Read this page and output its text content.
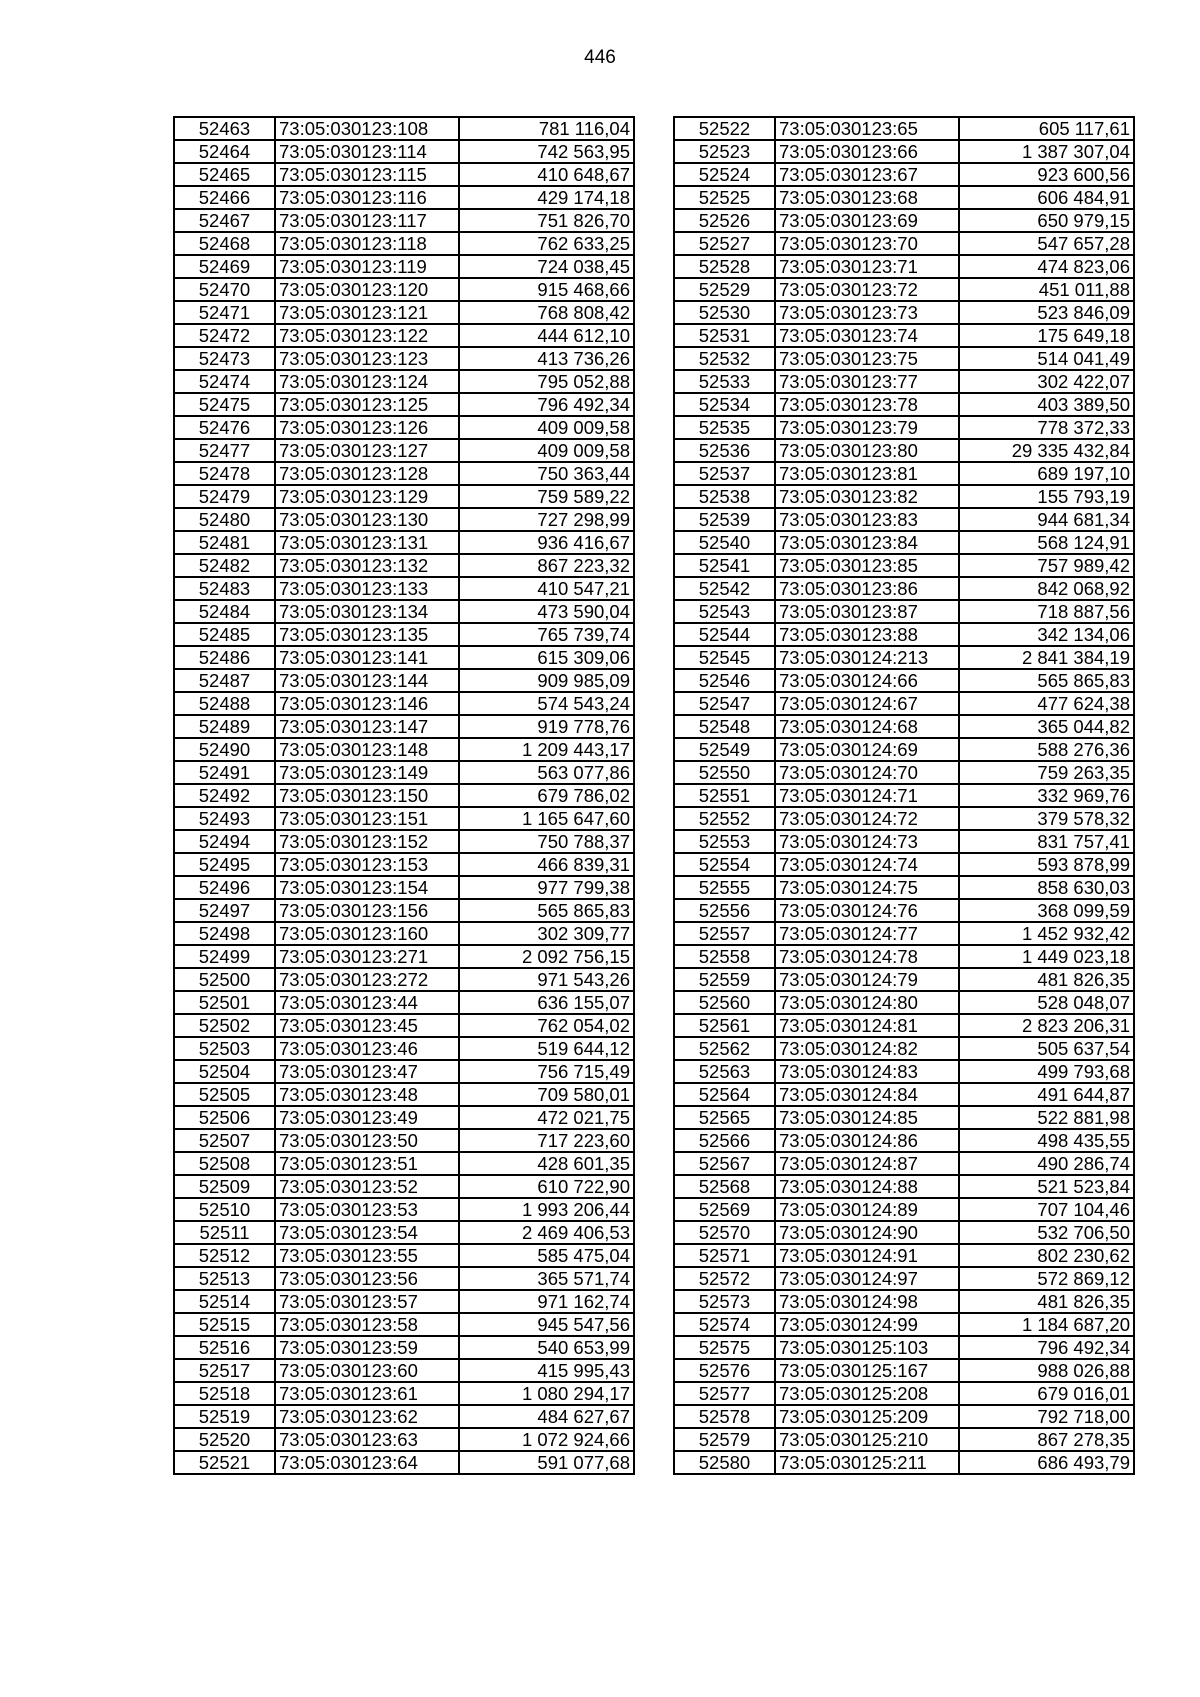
446
52463	73:05:030123:108	781 116,04
52464	73:05:030123:114	742 563,95
52465	73:05:030123:115	410 648,67
52466	73:05:030123:116	429 174,18
52467	73:05:030123:117	751 826,70
52468	73:05:030123:118	762 633,25
52469	73:05:030123:119	724 038,45
52470	73:05:030123:120	915 468,66
52471	73:05:030123:121	768 808,42
52472	73:05:030123:122	444 612,10
52473	73:05:030123:123	413 736,26
52474	73:05:030123:124	795 052,88
52475	73:05:030123:125	796 492,34
52476	73:05:030123:126	409 009,58
52477	73:05:030123:127	409 009,58
52478	73:05:030123:128	750 363,44
52479	73:05:030123:129	759 589,22
52480	73:05:030123:130	727 298,99
52481	73:05:030123:131	936 416,67
52482	73:05:030123:132	867 223,32
52483	73:05:030123:133	410 547,21
52484	73:05:030123:134	473 590,04
52485	73:05:030123:135	765 739,74
52486	73:05:030123:141	615 309,06
52487	73:05:030123:144	909 985,09
52488	73:05:030123:146	574 543,24
52489	73:05:030123:147	919 778,76
52490	73:05:030123:148	1 209 443,17
52491	73:05:030123:149	563 077,86
52492	73:05:030123:150	679 786,02
52493	73:05:030123:151	1 165 647,60
52494	73:05:030123:152	750 788,37
52495	73:05:030123:153	466 839,31
52496	73:05:030123:154	977 799,38
52497	73:05:030123:156	565 865,83
52498	73:05:030123:160	302 309,77
52499	73:05:030123:271	2 092 756,15
52500	73:05:030123:272	971 543,26
52501	73:05:030123:44	636 155,07
52502	73:05:030123:45	762 054,02
52503	73:05:030123:46	519 644,12
52504	73:05:030123:47	756 715,49
52505	73:05:030123:48	709 580,01
52506	73:05:030123:49	472 021,75
52507	73:05:030123:50	717 223,60
52508	73:05:030123:51	428 601,35
52509	73:05:030123:52	610 722,90
52510	73:05:030123:53	1 993 206,44
52511	73:05:030123:54	2 469 406,53
52512	73:05:030123:55	585 475,04
52513	73:05:030123:56	365 571,74
52514	73:05:030123:57	971 162,74
52515	73:05:030123:58	945 547,56
52516	73:05:030123:59	540 653,99
52517	73:05:030123:60	415 995,43
52518	73:05:030123:61	1 080 294,17
52519	73:05:030123:62	484 627,67
52520	73:05:030123:63	1 072 924,66
52521	73:05:030123:64	591 077,68
52522	73:05:030123:65	605 117,61
52523	73:05:030123:66	1 387 307,04
52524	73:05:030123:67	923 600,56
52525	73:05:030123:68	606 484,91
52526	73:05:030123:69	650 979,15
52527	73:05:030123:70	547 657,28
52528	73:05:030123:71	474 823,06
52529	73:05:030123:72	451 011,88
52530	73:05:030123:73	523 846,09
52531	73:05:030123:74	175 649,18
52532	73:05:030123:75	514 041,49
52533	73:05:030123:77	302 422,07
52534	73:05:030123:78	403 389,50
52535	73:05:030123:79	778 372,33
52536	73:05:030123:80	29 335 432,84
52537	73:05:030123:81	689 197,10
52538	73:05:030123:82	155 793,19
52539	73:05:030123:83	944 681,34
52540	73:05:030123:84	568 124,91
52541	73:05:030123:85	757 989,42
52542	73:05:030123:86	842 068,92
52543	73:05:030123:87	718 887,56
52544	73:05:030123:88	342 134,06
52545	73:05:030124:213	2 841 384,19
52546	73:05:030124:66	565 865,83
52547	73:05:030124:67	477 624,38
52548	73:05:030124:68	365 044,82
52549	73:05:030124:69	588 276,36
52550	73:05:030124:70	759 263,35
52551	73:05:030124:71	332 969,76
52552	73:05:030124:72	379 578,32
52553	73:05:030124:73	831 757,41
52554	73:05:030124:74	593 878,99
52555	73:05:030124:75	858 630,03
52556	73:05:030124:76	368 099,59
52557	73:05:030124:77	1 452 932,42
52558	73:05:030124:78	1 449 023,18
52559	73:05:030124:79	481 826,35
52560	73:05:030124:80	528 048,07
52561	73:05:030124:81	2 823 206,31
52562	73:05:030124:82	505 637,54
52563	73:05:030124:83	499 793,68
52564	73:05:030124:84	491 644,87
52565	73:05:030124:85	522 881,98
52566	73:05:030124:86	498 435,55
52567	73:05:030124:87	490 286,74
52568	73:05:030124:88	521 523,84
52569	73:05:030124:89	707 104,46
52570	73:05:030124:90	532 706,50
52571	73:05:030124:91	802 230,62
52572	73:05:030124:97	572 869,12
52573	73:05:030124:98	481 826,35
52574	73:05:030124:99	1 184 687,20
52575	73:05:030125:103	796 492,34
52576	73:05:030125:167	988 026,88
52577	73:05:030125:208	679 016,01
52578	73:05:030125:209	792 718,00
52579	73:05:030125:210	867 278,35
52580	73:05:030125:211	686 493,79
